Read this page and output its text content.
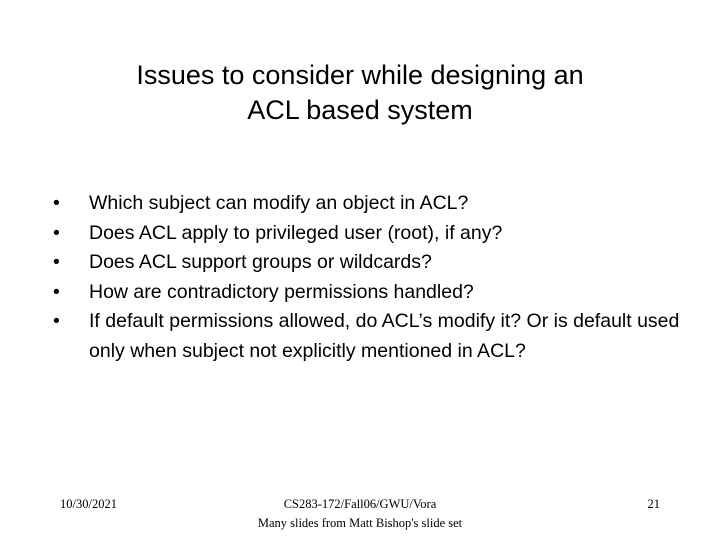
Issues to consider while designing an
ACL based system
• Which subject can modify an object in ACL?
• Does ACL apply to privileged user (root), if any?
• Does ACL support groups or wildcards?
• How are contradictory permissions handled?
• If default permissions allowed, do ACL’s modify it? Or is default used only when subject not explicitly mentioned in ACL?
10/30/2021	CS283-172/Fall06/GWU/Vora
Many slides from Matt Bishop's slide set
21
